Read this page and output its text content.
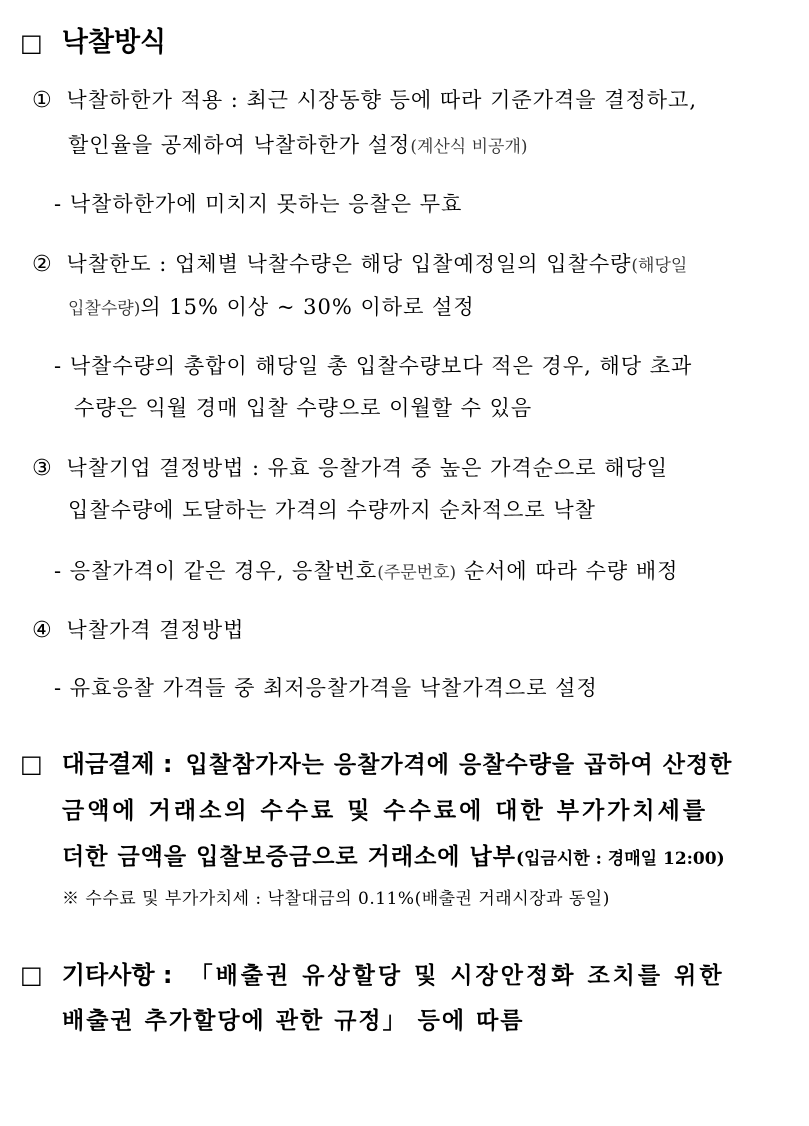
□ 낙찰방식
① 낙찰하한가 적용 : 최근 시장동향 등에 따라 기준가격을 결정하고,
할인율을 공제하여 낙찰하한가 설정(계산식 비공개)
- 낙찰하한가에 미치지 못하는 응찰은 무효
② 낙찰한도 : 업체별 낙찰수량은 해당 입찰예정일의 입찰수량(해당일
입찰수량)의 15% 이상 ~ 30% 이하로 설정
- 낙찰수량의 총합이 해당일 총 입찰수량보다 적은 경우, 해당 초과
수량은 익월 경매 입찰 수량으로 이월할 수 있음
③ 낙찰기업 결정방법 : 유효 응찰가격 중 높은 가격순으로 해당일
입찰수량에 도달하는 가격의 수량까지 순차적으로 낙찰
- 응찰가격이 같은 경우, 응찰번호(주문번호) 순서에 따라 수량 배정
④ 낙찰가격 결정방법
- 유효응찰 가격들 중 최저응찰가격을 낙찰가격으로 설정
□ 대금결제 : 입찰참가자는 응찰가격에 응찰수량을 곱하여 산정한
금액에 거래소의 수수료 및 수수료에 대한 부가가치세를
더한 금액을 입찰보증금으로 거래소에 납부(입금시한 : 경매일 12:00)
※ 수수료 및 부가가치세 : 낙찰대금의 0.11%(배출권 거래시장과 동일)
□ 기타사항 : 「배출권 유상할당 및 시장안정화 조치를 위한
배출권 추가할당에 관한 규정」 등에 따름
